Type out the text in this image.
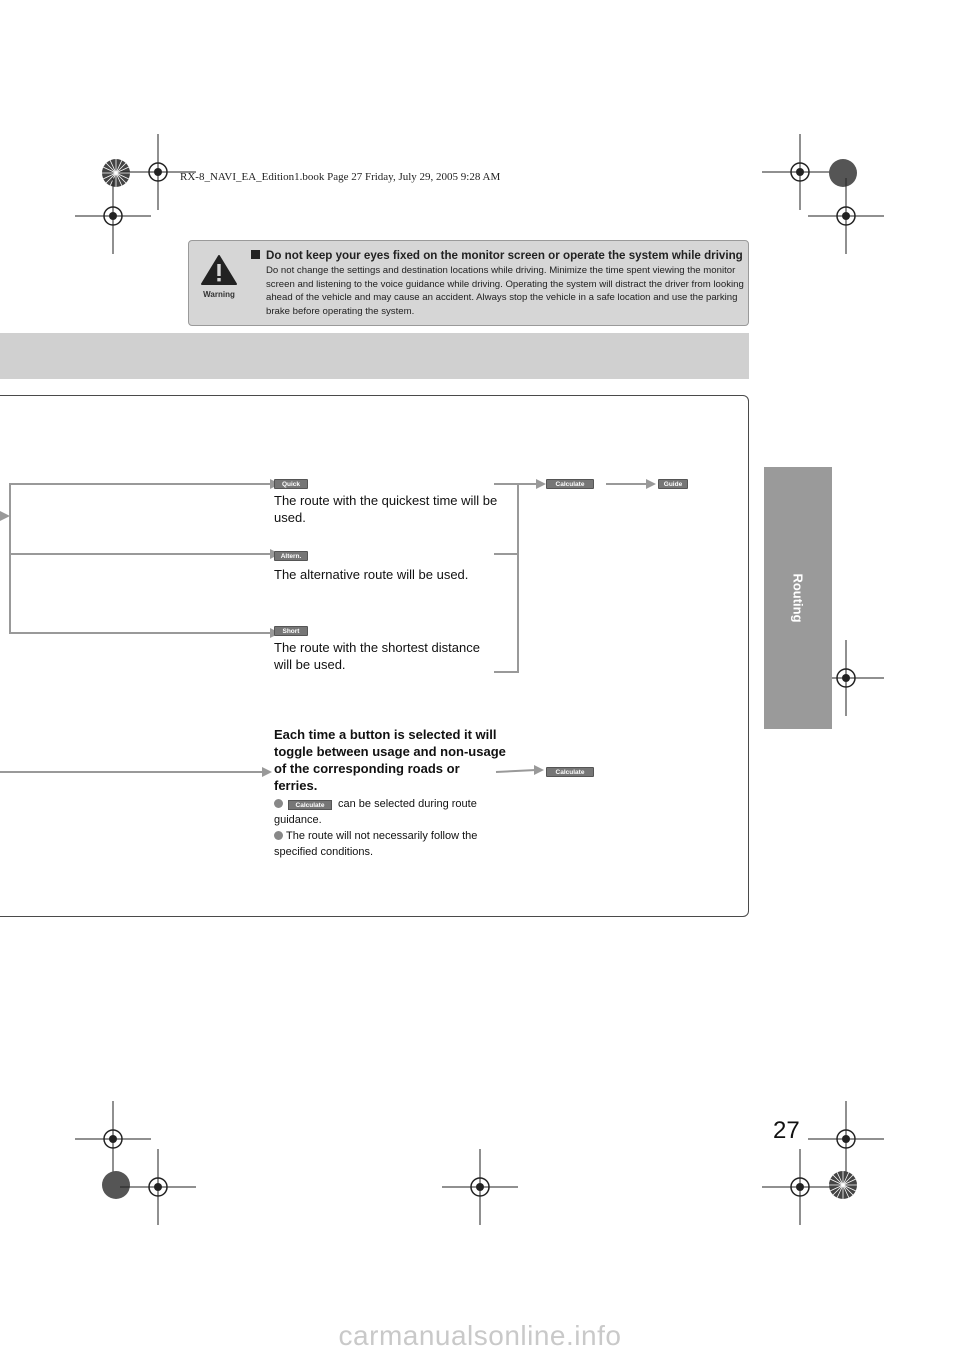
RX-8_NAVI_EA_Edition1.book Page 27 Friday, July 29, 2005 9:28 AM
Warning
Do not keep your eyes fixed on the monitor screen or operate the system while driving
Do not change the settings and destination locations while driving. Minimize the time spent viewing the monitor screen and listening to the voice guidance while driving. Operating the system will distract the driver from looking ahead of the vehicle and may cause an accident. Always stop the vehicle in a safe location and use the parking brake before operating the system.
Routing
Quick
The route with the quickest time will be used.
Altern.
The alternative route will be used.
Short
The route with the shortest distance will be used.
Calculate	Guide
Each time a button is selected it will toggle between usage and non-usage of the corresponding roads or ferries.
Calculate
Calculate can be selected during route guidance.
The route will not necessarily follow the specified conditions.
27
carmanualsonline.info
